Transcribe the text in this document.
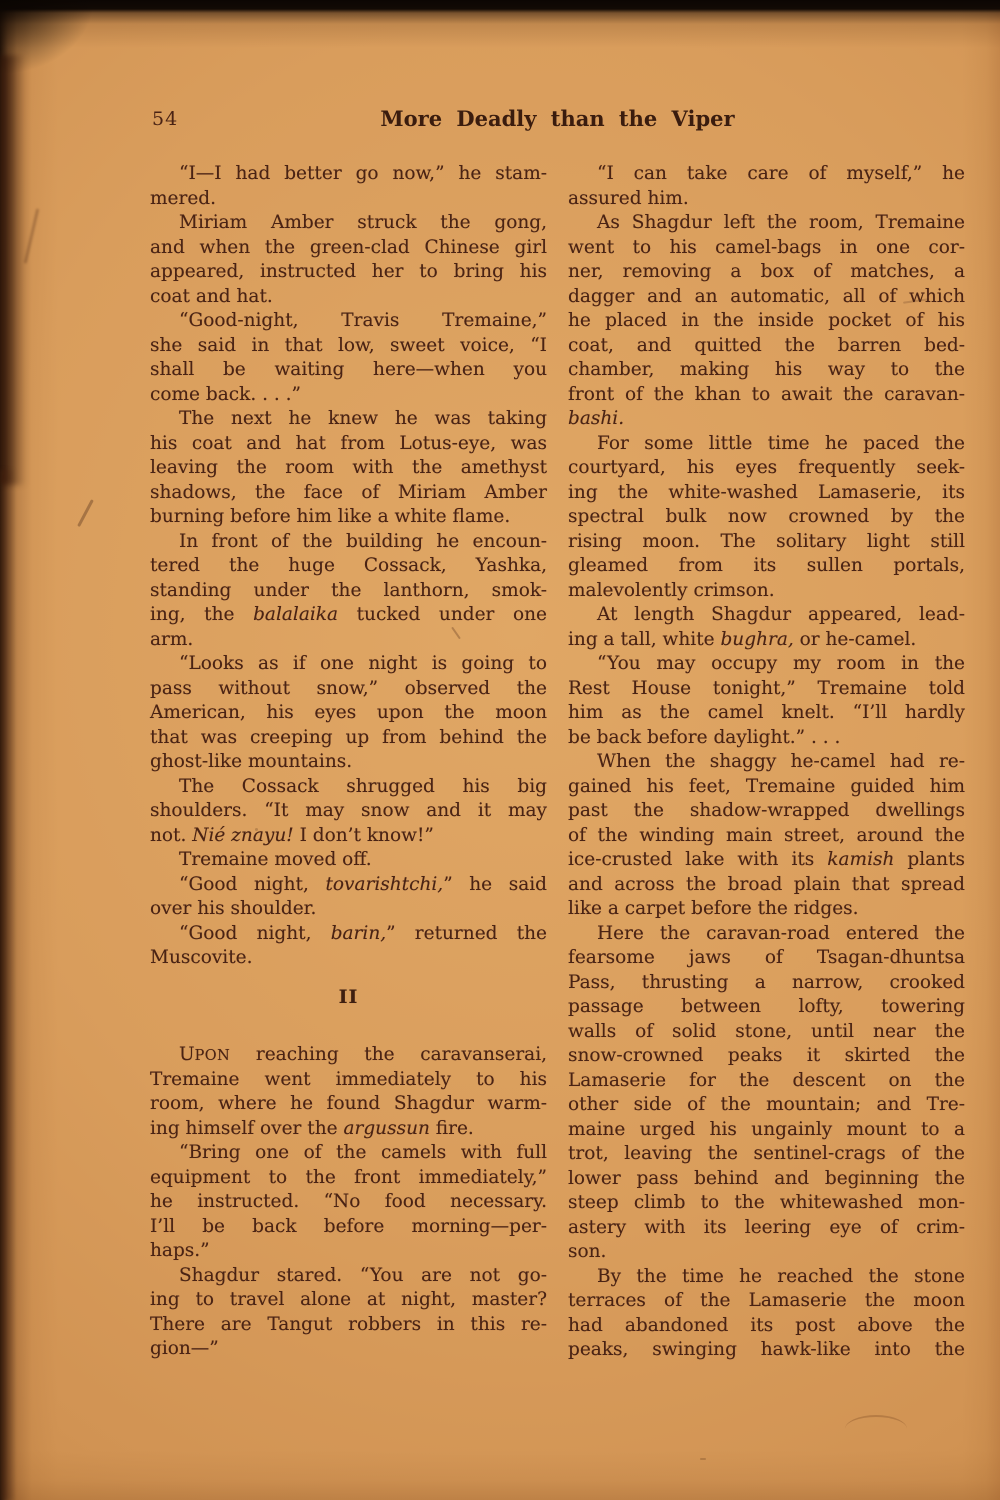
54	More Deadly than the Viper
“I—I had better go now,” he stam-
mered.
Miriam Amber struck the gong,
and when the green-clad Chinese girl
appeared, instructed her to bring his
coat and hat.
“Good-night, Travis Tremaine,”
she said in that low, sweet voice, “I
shall be waiting here—when you
come back. . . .”
The next he knew he was taking
his coat and hat from Lotus-eye, was
leaving the room with the amethyst
shadows, the face of Miriam Amber
burning before him like a white flame.
In front of the building he encoun-
tered the huge Cossack, Yashka,
standing under the lanthorn, smok-
ing, the balalaika tucked under one
arm.
“Looks as if one night is going to
pass without snow,” observed the
American, his eyes upon the moon
that was creeping up from behind the
ghost-like mountains.
The Cossack shrugged his big
shoulders. “It may snow and it may
not. Nié znayu! I don’t know!”
Tremaine moved off.
“Good night, tovarishtchi,” he said
over his shoulder.
“Good night, barin,” returned the
Muscovite.
II
UPON reaching the caravanserai,
Tremaine went immediately to his
room, where he found Shagdur warm-
ing himself over the argussun fire.
“Bring one of the camels with full
equipment to the front immediately,”
he instructed. “No food necessary.
I’ll be back before morning—per-
haps.”
Shagdur stared. “You are not go-
ing to travel alone at night, master?
There are Tangut robbers in this re-
gion—”
“I can take care of myself,” he
assured him.
As Shagdur left the room, Tremaine
went to his camel-bags in one cor-
ner, removing a box of matches, a
dagger and an automatic, all of which
he placed in the inside pocket of his
coat, and quitted the barren bed-
chamber, making his way to the
front of the khan to await the caravan-
bashi.
For some little time he paced the
courtyard, his eyes frequently seek-
ing the white-washed Lamaserie, its
spectral bulk now crowned by the
rising moon. The solitary light still
gleamed from its sullen portals,
malevolently crimson.
At length Shagdur appeared, lead-
ing a tall, white bughra, or he-camel.
“You may occupy my room in the
Rest House tonight,” Tremaine told
him as the camel knelt. “I’ll hardly
be back before daylight.” . . .
When the shaggy he-camel had re-
gained his feet, Tremaine guided him
past the shadow-wrapped dwellings
of the winding main street, around the
ice-crusted lake with its kamish plants
and across the broad plain that spread
like a carpet before the ridges.
Here the caravan-road entered the
fearsome jaws of Tsagan-dhuntsa
Pass, thrusting a narrow, crooked
passage between lofty, towering
walls of solid stone, until near the
snow-crowned peaks it skirted the
Lamaserie for the descent on the
other side of the mountain; and Tre-
maine urged his ungainly mount to a
trot, leaving the sentinel-crags of the
lower pass behind and beginning the
steep climb to the whitewashed mon-
astery with its leering eye of crim-
son.
By the time he reached the stone
terraces of the Lamaserie the moon
had abandoned its post above the
peaks, swinging hawk-like into the
